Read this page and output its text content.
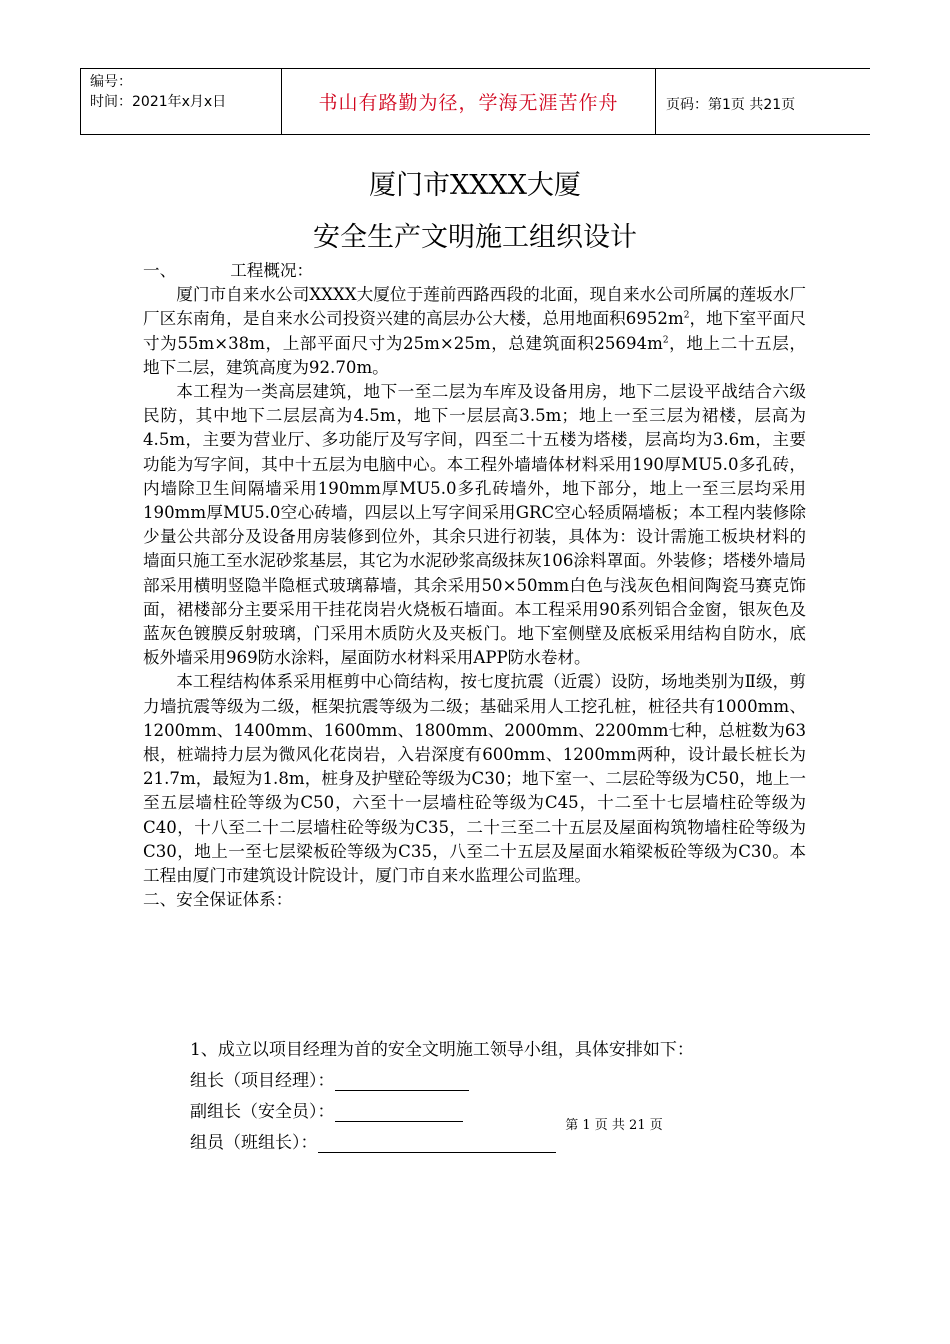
编号：
时间：2021年x月x日	书山有路勤为径，学海无涯苦作舟	页码：第1页 共21页
厦门市XXXX大厦
安全生产文明施工组织设计

一、	工程概况：

厦门市自来水公司XXXX大厦位于莲前西路西段的北面，现自来水公司所属的莲坂水厂厂区东南角，是自来水公司投资兴建的高层办公大楼，总用地面积$6952m^2$，地下室平面尺寸为55m×38m，上部平面尺寸为25m×25m，总建筑面积$25694m^2$，地上二十五层，地下二层，建筑高度为92.70m。

本工程为一类高层建筑，地下一至二层为车库及设备用房，地下二层设平战结合六级民防，其中地下二层层高为4.5m，地下一层层高3.5m；地上一至三层为裙楼，层高为4.5m，主要为营业厅、多功能厅及写字间，四至二十五楼为塔楼，层高均为3.6m，主要功能为写字间，其中十五层为电脑中心。本工程外墙墙体材料采用190厚MU5.0多孔砖，内墙除卫生间隔墙采用190mm厚MU5.0多孔砖墙外，地下部分，地上一至三层均采用190mm厚MU5.0空心砖墙，四层以上写字间采用GRC空心轻质隔墙板；本工程内装修除少量公共部分及设备用房装修到位外，其余只进行初装，具体为：设计需施工板块材料的墙面只施工至水泥砂浆基层，其它为水泥砂浆高级抹灰106涂料罩面。外装修；塔楼外墙局部采用横明竖隐半隐框式玻璃幕墙，其余采用50×50mm白色与浅灰色相间陶瓷马赛克饰面，裙楼部分主要采用干挂花岗岩火烧板石墙面。本工程采用90系列铝合金窗，银灰色及蓝灰色镀膜反射玻璃，门采用木质防火及夹板门。地下室侧壁及底板采用结构自防水，底板外墙采用969防水涂料，屋面防水材料采用APP防水卷材。

本工程结构体系采用框剪中心筒结构，按七度抗震（近震）设防，场地类别为Ⅱ级，剪力墙抗震等级为二级，框架抗震等级为二级；基础采用人工挖孔桩，桩径共有1000mm、1200mm、1400mm、1600mm、1800mm、2000mm、2200mm七种，总桩数为63根，桩端持力层为微风化花岗岩，入岩深度有600mm、1200mm两种，设计最长桩长为21.7m，最短为1.8m，桩身及护壁砼等级为C30；地下室一、二层砼等级为C50，地上一至五层墙柱砼等级为C50，六至十一层墙柱砼等级为C45，十二至十七层墙柱砼等级为C40，十八至二十二层墙柱砼等级为C35，二十三至二十五层及屋面构筑物墙柱砼等级为C30，地上一至七层梁板砼等级为C35，八至二十五层及屋面水箱梁板砼等级为C30。本工程由厦门市建筑设计院设计，厦门市自来水监理公司监理。

二、安全保证体系：

1、成立以项目经理为首的安全文明施工领导小组，具体安排如下：
组长（项目经理）：
副组长（安全员）：
组员（班组长）：
第 1 页 共 21 页
